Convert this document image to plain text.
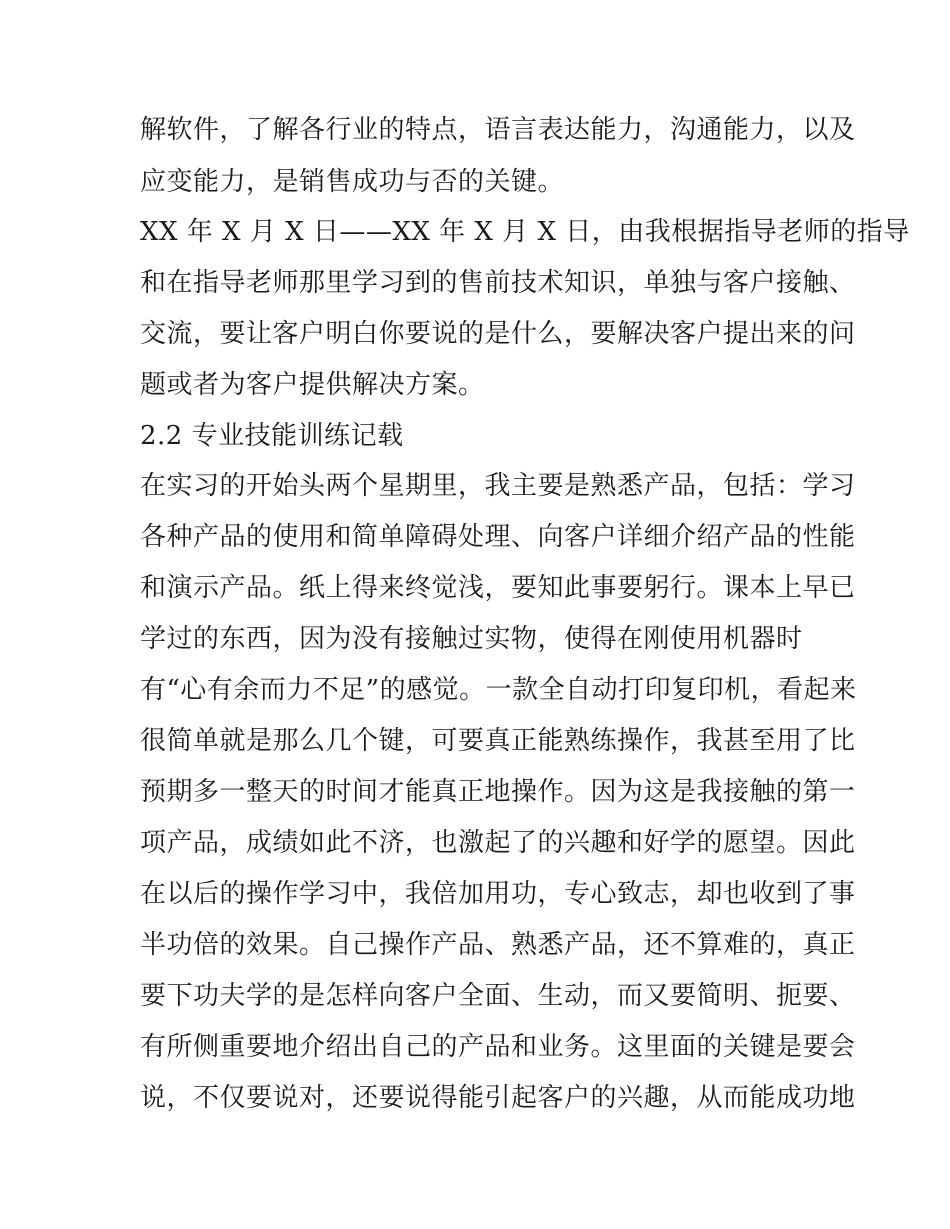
解软件，了解各行业的特点，语言表达能力，沟通能力，以及
应变能力，是销售成功与否的关键。
XX 年 X 月 X 日——XX 年 X 月 X 日，由我根据指导老师的指导
和在指导老师那里学习到的售前技术知识，单独与客户接触、
交流，要让客户明白你要说的是什么，要解决客户提出来的问
题或者为客户提供解决方案。
2.2 专业技能训练记载
在实习的开始头两个星期里，我主要是熟悉产品，包括：学习
各种产品的使用和简单障碍处理、向客户详细介绍产品的性能
和演示产品。纸上得来终觉浅，要知此事要躬行。课本上早已
学过的东西，因为没有接触过实物，使得在刚使用机器时
有“心有余而力不足”的感觉。一款全自动打印复印机，看起来
很简单就是那么几个键，可要真正能熟练操作，我甚至用了比
预期多一整天的时间才能真正地操作。因为这是我接触的第一
项产品，成绩如此不济，也激起了的兴趣和好学的愿望。因此
在以后的操作学习中，我倍加用功，专心致志，却也收到了事
半功倍的效果。自己操作产品、熟悉产品，还不算难的，真正
要下功夫学的是怎样向客户全面、生动，而又要简明、扼要、
有所侧重要地介绍出自己的产品和业务。这里面的关键是要会
说，不仅要说对，还要说得能引起客户的兴趣，从而能成功地
